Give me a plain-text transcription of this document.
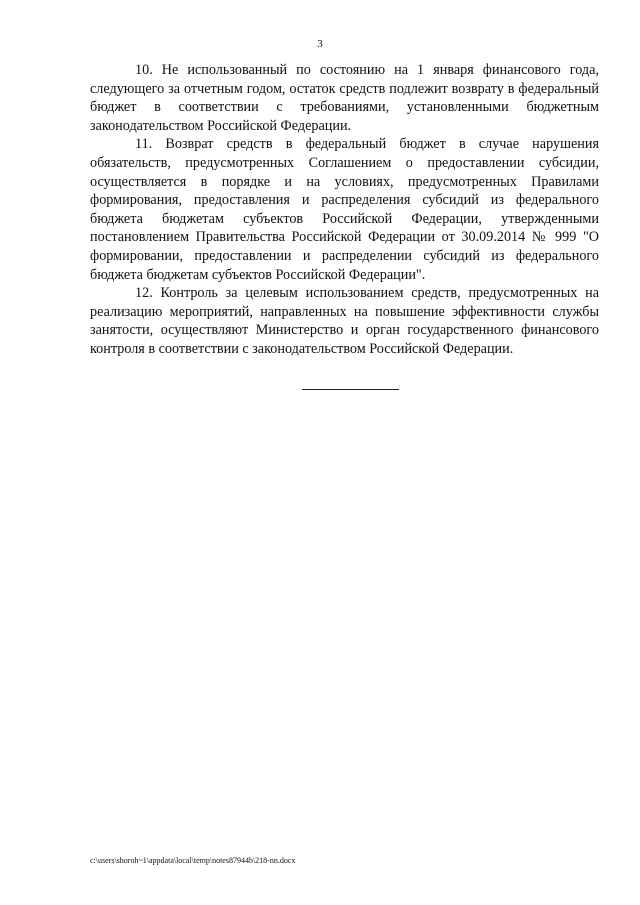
3

10. Не использованный по состоянию на 1 января финансового года, следующего за отчетным годом, остаток средств подлежит возврату в федеральный бюджет в соответствии с требованиями, установленными бюджетным законодательством Российской Федерации.

11. Возврат средств в федеральный бюджет в случае нарушения обязательств, предусмотренных Соглашением о предоставлении субсидии, осуществляется в порядке и на условиях, предусмотренных Правилами формирования, предоставления и распределения субсидий из федерального бюджета бюджетам субъектов Российской Федерации, утвержденными постановлением Правительства Российской Федерации от 30.09.2014 № 999 "О формировании, предоставлении и распределении субсидий из федерального бюджета бюджетам субъектов Российской Федерации".

12. Контроль за целевым использованием средств, предусмотренных на реализацию мероприятий, направленных на повышение эффективности службы занятости, осуществляют Министерство и орган государственного финансового контроля в соответствии с законодательством Российской Федерации.

c:\users\shoroh~1\appdata\local\temp\notes87944b\218-nn.docx
